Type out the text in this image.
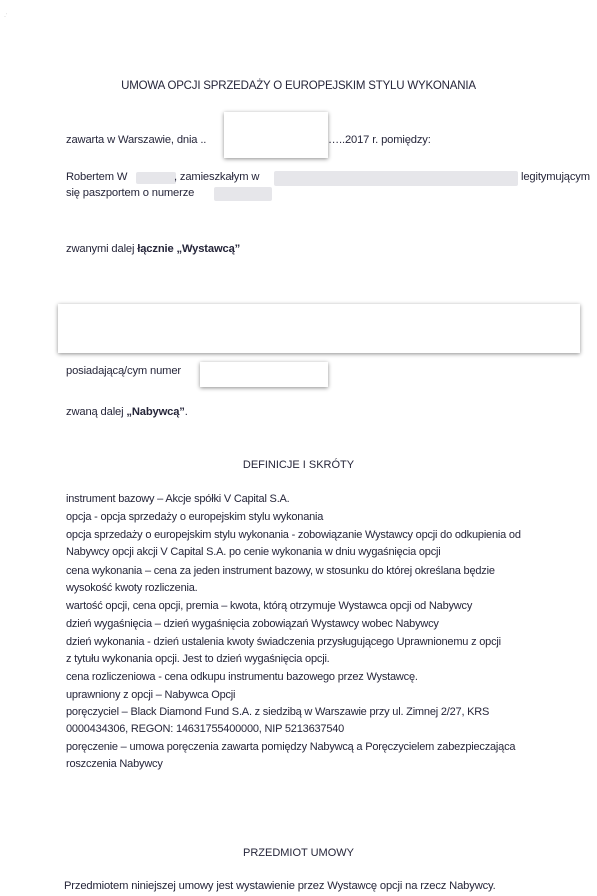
·˙
UMOWA OPCJI SPRZEDAŻY O EUROPEJSKIM STYLU WYKONANIA
zawarta w Warszawie, dnia ..	…..2017 r. pomiędzy:
Robertem W	, zamieszkałym w	legitymującym
się paszportem o numerze
zwanymi dalej łącznie „Wystawcą”
posiadającą/cym numer
zwaną dalej „Nabywcą”.
DEFINICJE I SKRÓTY
instrument bazowy – Akcje spółki V Capital S.A.
opcja - opcja sprzedaży o europejskim stylu wykonania
opcja sprzedaży o europejskim stylu wykonania - zobowiązanie Wystawcy opcji do odkupienia od
Nabywcy opcji akcji V Capital S.A. po cenie wykonania w dniu wygaśnięcia opcji
cena wykonania – cena za jeden instrument bazowy, w stosunku do której określana będzie
wysokość kwoty rozliczenia.
wartość opcji, cena opcji, premia – kwota, którą otrzymuje Wystawca opcji od Nabywcy
dzień wygaśnięcia – dzień wygaśnięcia zobowiązań Wystawcy wobec Nabywcy
dzień wykonania - dzień ustalenia kwoty świadczenia przysługującego Uprawnionemu z opcji
z tytułu wykonania opcji. Jest to dzień wygaśnięcia opcji.
cena rozliczeniowa - cena odkupu instrumentu bazowego przez Wystawcę.
uprawniony z opcji – Nabywca Opcji
poręczyciel – Black Diamond Fund S.A. z siedzibą w Warszawie przy ul. Zimnej 2/27, KRS
0000434306, REGON: 14631755400000, NIP 5213637540
poręczenie – umowa poręczenia zawarta pomiędzy Nabywcą a Poręczycielem zabezpieczająca
roszczenia Nabywcy
PRZEDMIOT UMOWY
Przedmiotem niniejszej umowy jest wystawienie przez Wystawcę opcji na rzecz Nabywcy.
